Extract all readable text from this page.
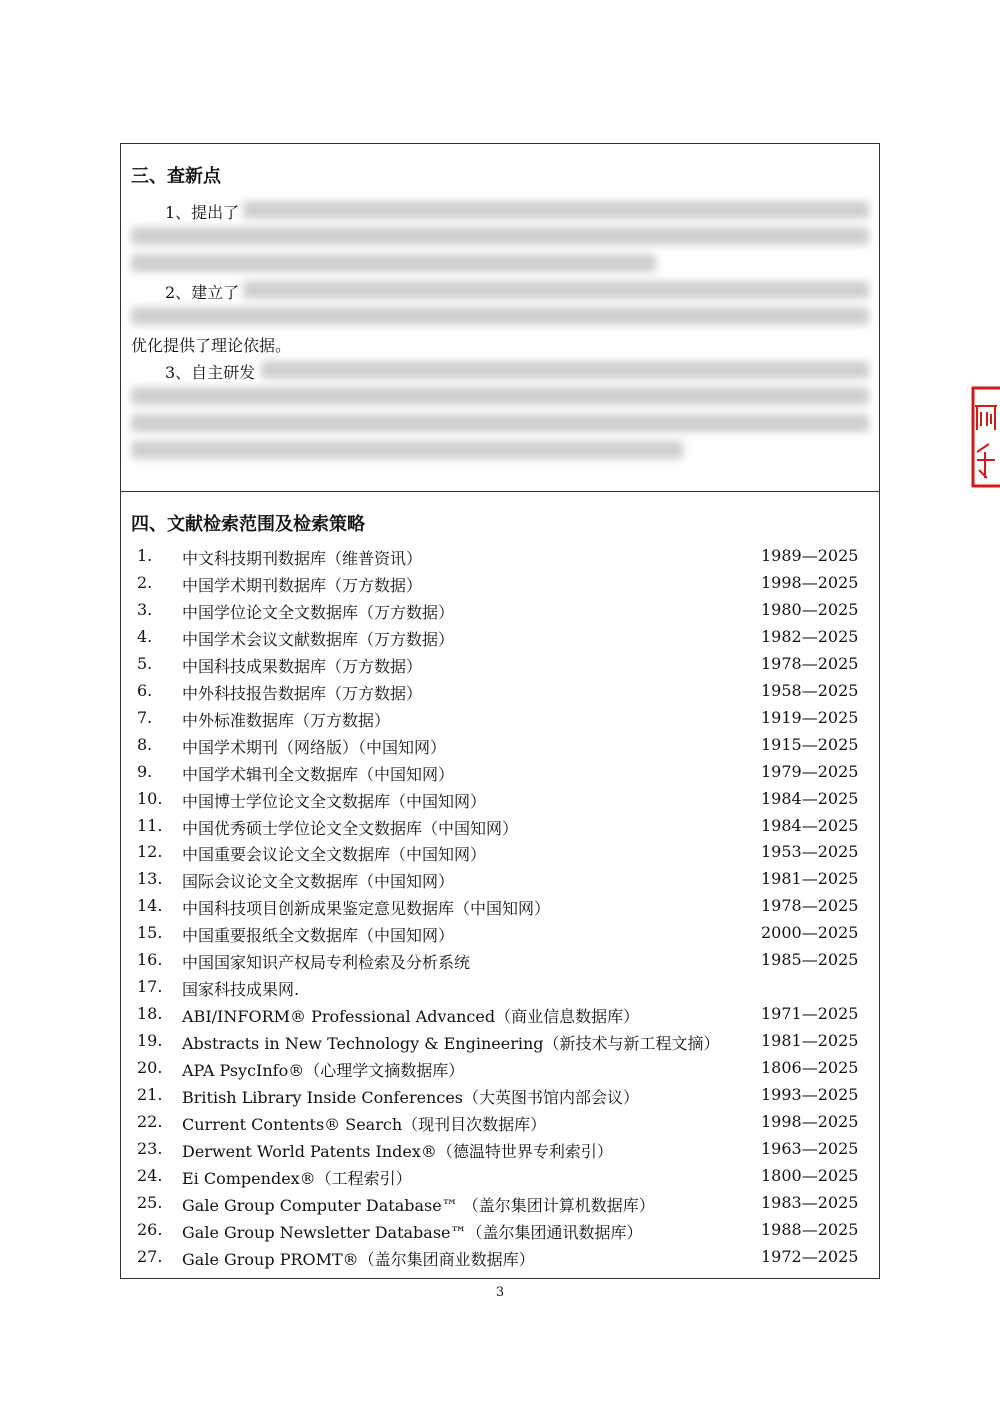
三、查新点
1、提出了
2、建立了
优化提供了理论依据。
3、自主研发
四、文献检索范围及检索策略
1.	中文科技期刊数据库（维普资讯）	1989—2025
2.	中国学术期刊数据库（万方数据）	1998—2025
3.	中国学位论文全文数据库（万方数据）	1980—2025
4.	中国学术会议文献数据库（万方数据）	1982—2025
5.	中国科技成果数据库（万方数据）	1978—2025
6.	中外科技报告数据库（万方数据）	1958—2025
7.	中外标准数据库（万方数据）	1919—2025
8.	中国学术期刊（网络版）（中国知网）	1915—2025
9.	中国学术辑刊全文数据库（中国知网）	1979—2025
10. 中国博士学位论文全文数据库（中国知网）	1984—2025
11. 中国优秀硕士学位论文全文数据库（中国知网）	1984—2025
12. 中国重要会议论文全文数据库（中国知网）	1953—2025
13. 国际会议论文全文数据库（中国知网）	1981—2025
14. 中国科技项目创新成果鉴定意见数据库（中国知网）	1978—2025
15. 中国重要报纸全文数据库（中国知网）	2000—2025
16. 中国国家知识产权局专利检索及分析系统	1985—2025
17. 国家科技成果网.
18. ABI/INFORM® Professional Advanced（商业信息数据库）	1971—2025
19. Abstracts in New Technology & Engineering（新技术与新工程文摘）	1981—2025
20. APA PsycInfo®（心理学文摘数据库）	1806—2025
21. British Library Inside Conferences（大英图书馆内部会议）	1993—2025
22. Current Contents® Search（现刊目次数据库）	1998—2025
23. Derwent World Patents Index®（德温特世界专利索引）	1963—2025
24. Ei Compendex®（工程索引）	1800—2025
25. Gale Group Computer Database™ （盖尔集团计算机数据库）	1983—2025
26. Gale Group Newsletter Database™（盖尔集团通讯数据库）	1988—2025
27. Gale Group PROMT®（盖尔集团商业数据库）	1972—2025
3
